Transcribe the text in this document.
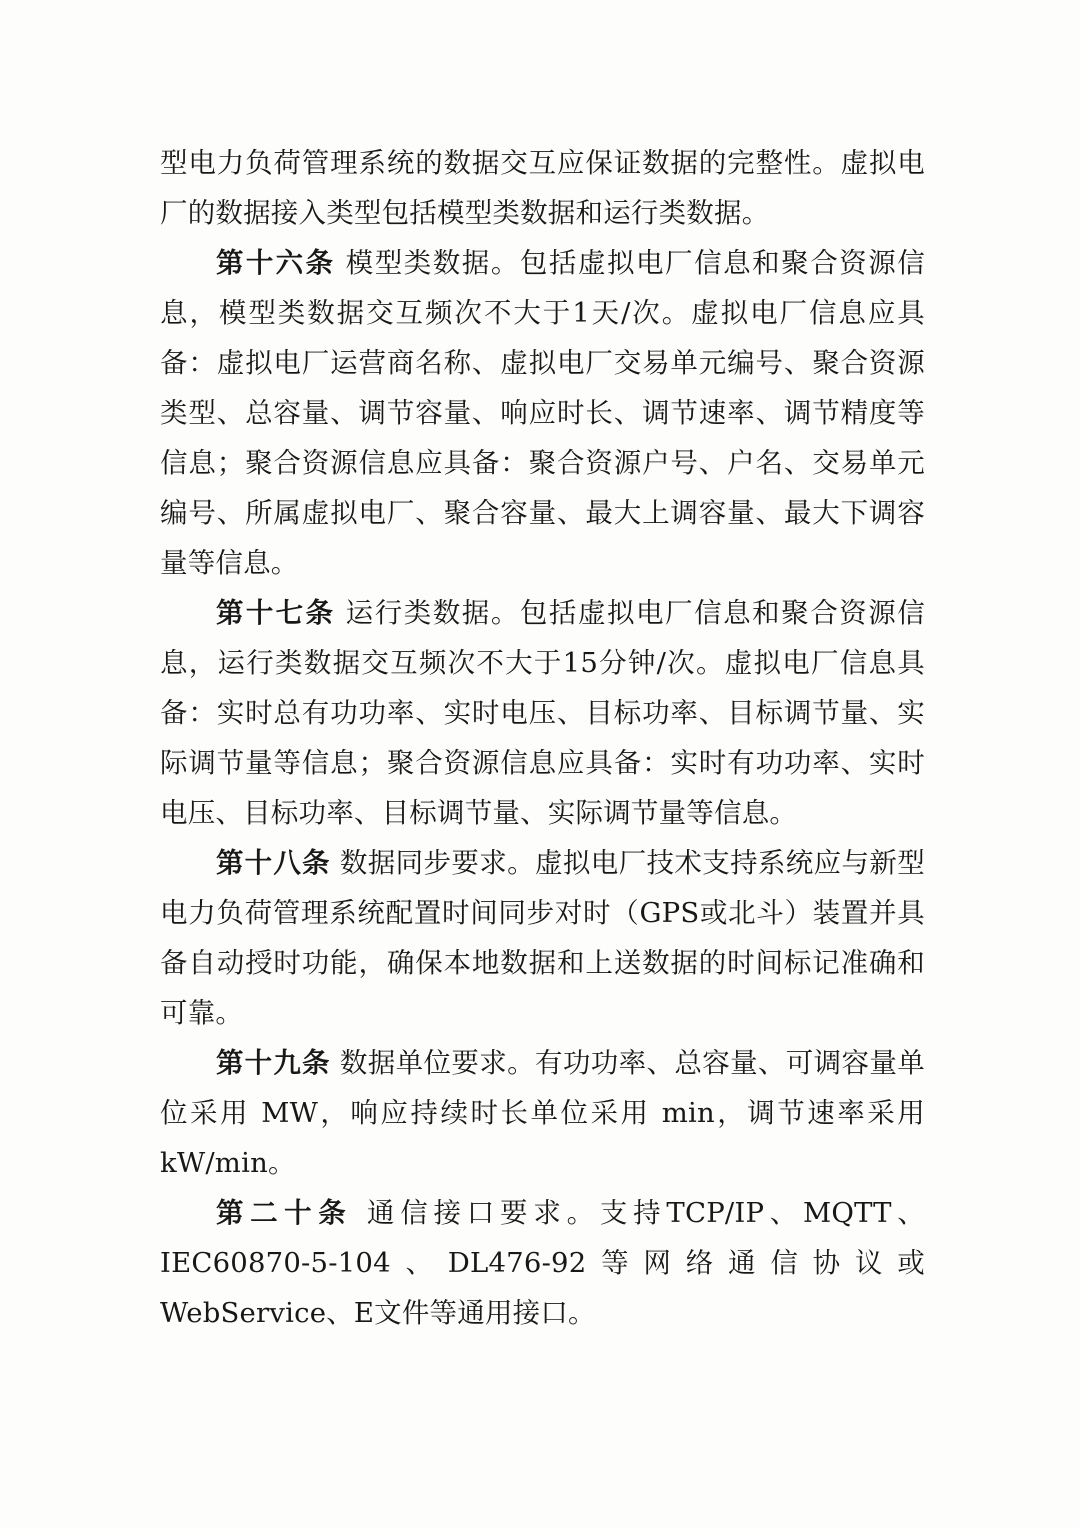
型电力负荷管理系统的数据交互应保证数据的完整性。虚拟电厂的数据接入类型包括模型类数据和运行类数据。

第十六条 模型类数据。包括虚拟电厂信息和聚合资源信息，模型类数据交互频次不大于1天/次。虚拟电厂信息应具备：虚拟电厂运营商名称、虚拟电厂交易单元编号、聚合资源类型、总容量、调节容量、响应时长、调节速率、调节精度等信息；聚合资源信息应具备：聚合资源户号、户名、交易单元编号、所属虚拟电厂、聚合容量、最大上调容量、最大下调容量等信息。

第十七条 运行类数据。包括虚拟电厂信息和聚合资源信息，运行类数据交互频次不大于15分钟/次。虚拟电厂信息具备：实时总有功功率、实时电压、目标功率、目标调节量、实际调节量等信息；聚合资源信息应具备：实时有功功率、实时电压、目标功率、目标调节量、实际调节量等信息。

第十八条 数据同步要求。虚拟电厂技术支持系统应与新型电力负荷管理系统配置时间同步对时（GPS或北斗）装置并具备自动授时功能，确保本地数据和上送数据的时间标记准确和可靠。

第十九条 数据单位要求。有功功率、总容量、可调容量单位采用 MW，响应持续时长单位采用 min，调节速率采用 kW/min。

第二十条 通信接口要求。支持TCP/IP、MQTT、IEC60870-5-104、DL476-92等网络通信协议或WebService、E文件等通用接口。
